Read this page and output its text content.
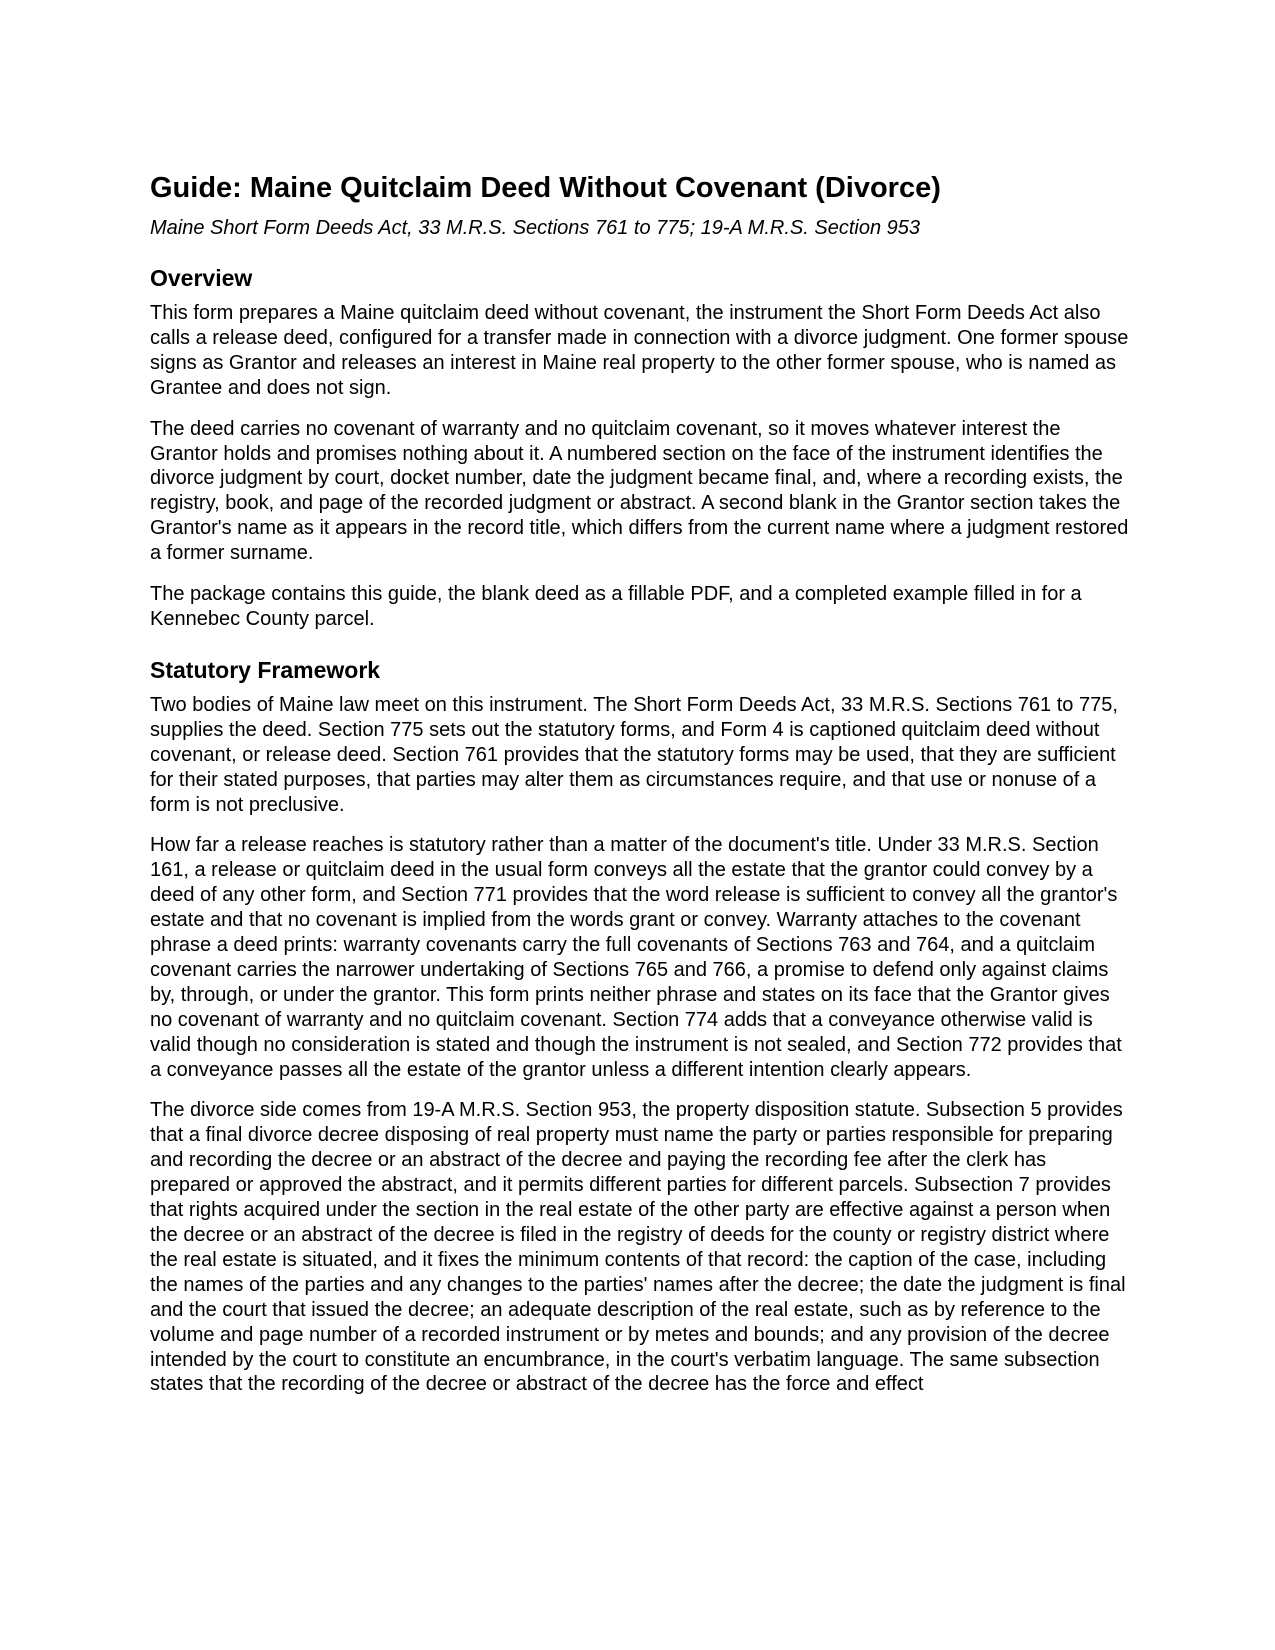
Guide: Maine Quitclaim Deed Without Covenant (Divorce)

Maine Short Form Deeds Act, 33 M.R.S. Sections 761 to 775; 19-A M.R.S. Section 953

Overview

This form prepares a Maine quitclaim deed without covenant, the instrument the Short Form Deeds Act also calls a release deed, configured for a transfer made in connection with a divorce judgment. One former spouse signs as Grantor and releases an interest in Maine real property to the other former spouse, who is named as Grantee and does not sign.

The deed carries no covenant of warranty and no quitclaim covenant, so it moves whatever interest the Grantor holds and promises nothing about it. A numbered section on the face of the instrument identifies the divorce judgment by court, docket number, date the judgment became final, and, where a recording exists, the registry, book, and page of the recorded judgment or abstract. A second blank in the Grantor section takes the Grantor's name as it appears in the record title, which differs from the current name where a judgment restored a former surname.

The package contains this guide, the blank deed as a fillable PDF, and a completed example filled in for a Kennebec County parcel.

Statutory Framework

Two bodies of Maine law meet on this instrument. The Short Form Deeds Act, 33 M.R.S. Sections 761 to 775, supplies the deed. Section 775 sets out the statutory forms, and Form 4 is captioned quitclaim deed without covenant, or release deed. Section 761 provides that the statutory forms may be used, that they are sufficient for their stated purposes, that parties may alter them as circumstances require, and that use or nonuse of a form is not preclusive.

How far a release reaches is statutory rather than a matter of the document's title. Under 33 M.R.S. Section 161, a release or quitclaim deed in the usual form conveys all the estate that the grantor could convey by a deed of any other form, and Section 771 provides that the word release is sufficient to convey all the grantor's estate and that no covenant is implied from the words grant or convey. Warranty attaches to the covenant phrase a deed prints: warranty covenants carry the full covenants of Sections 763 and 764, and a quitclaim covenant carries the narrower undertaking of Sections 765 and 766, a promise to defend only against claims by, through, or under the grantor. This form prints neither phrase and states on its face that the Grantor gives no covenant of warranty and no quitclaim covenant. Section 774 adds that a conveyance otherwise valid is valid though no consideration is stated and though the instrument is not sealed, and Section 772 provides that a conveyance passes all the estate of the grantor unless a different intention clearly appears.

The divorce side comes from 19-A M.R.S. Section 953, the property disposition statute. Subsection 5 provides that a final divorce decree disposing of real property must name the party or parties responsible for preparing and recording the decree or an abstract of the decree and paying the recording fee after the clerk has prepared or approved the abstract, and it permits different parties for different parcels. Subsection 7 provides that rights acquired under the section in the real estate of the other party are effective against a person when the decree or an abstract of the decree is filed in the registry of deeds for the county or registry district where the real estate is situated, and it fixes the minimum contents of that record: the caption of the case, including the names of the parties and any changes to the parties' names after the decree; the date the judgment is final and the court that issued the decree; an adequate description of the real estate, such as by reference to the volume and page number of a recorded instrument or by metes and bounds; and any provision of the decree intended by the court to constitute an encumbrance, in the court's verbatim language. The same subsection states that the recording of the decree or abstract of the decree has the force and effect
